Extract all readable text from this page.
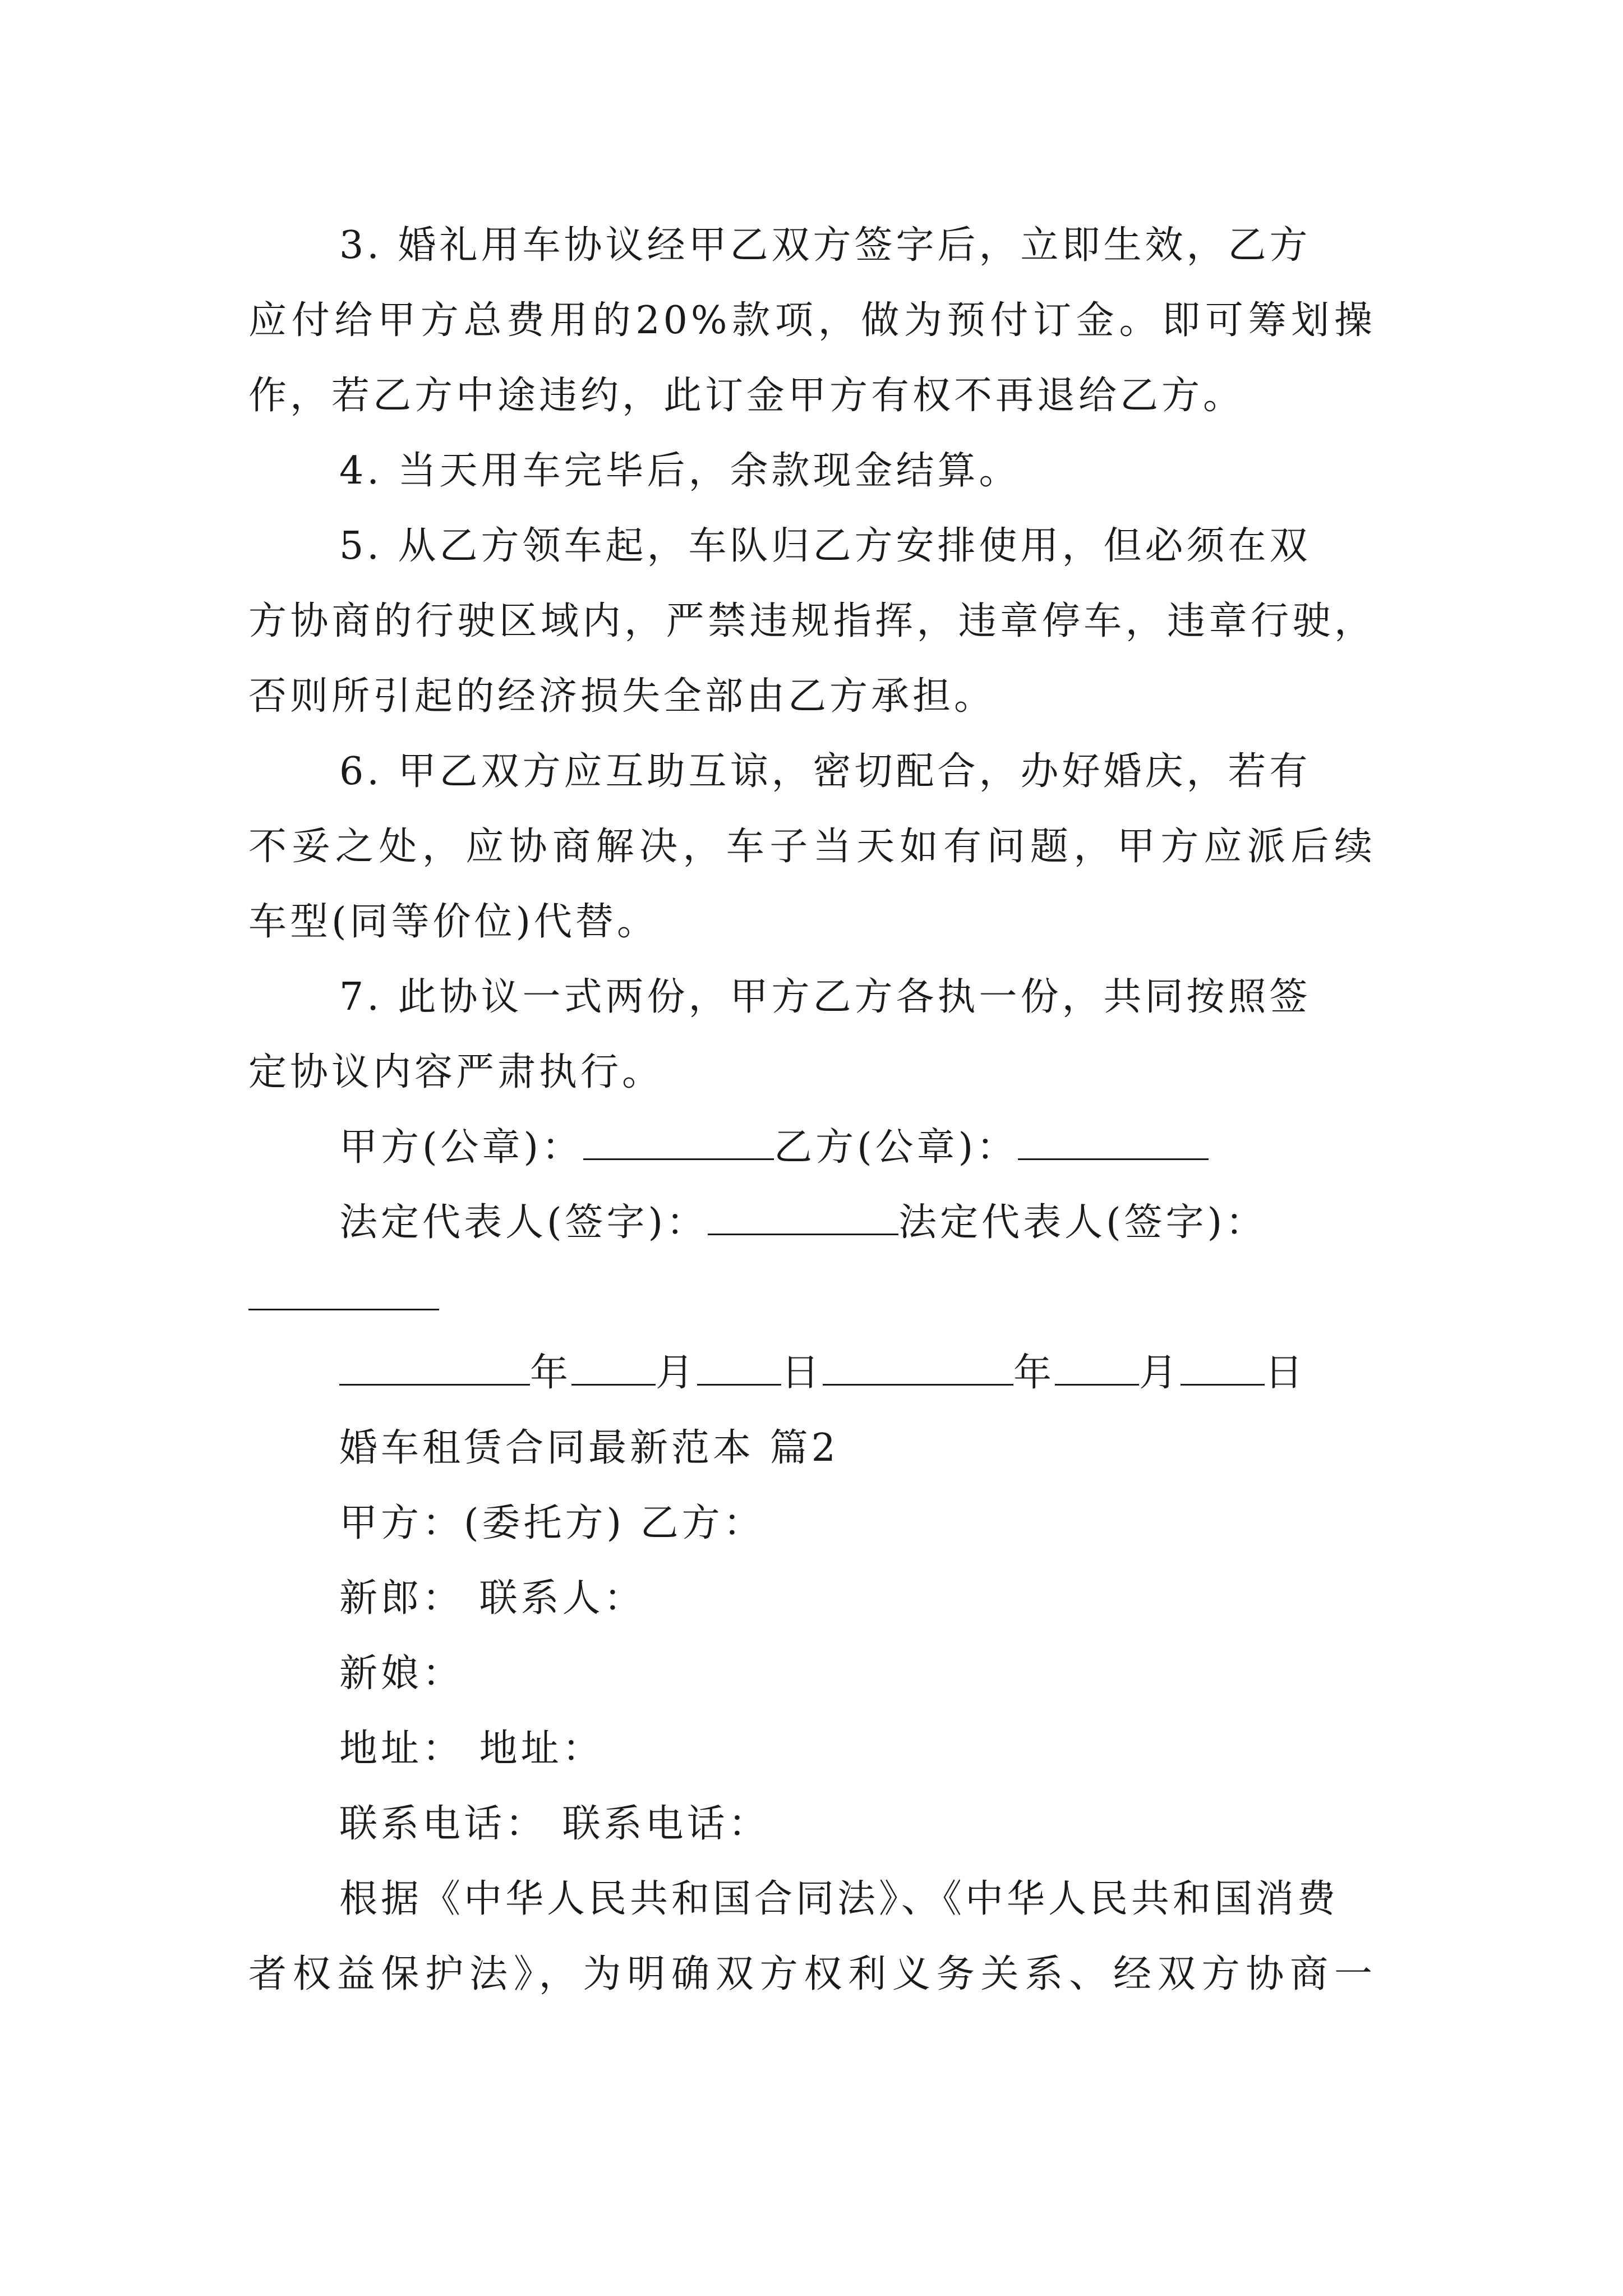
3. 婚礼用车协议经甲乙双方签字后，立即生效，乙方
应付给甲方总费用的20%款项，做为预付订金。即可筹划操
作，若乙方中途违约，此订金甲方有权不再退给乙方。
4. 当天用车完毕后，余款现金结算。
5. 从乙方领车起，车队归乙方安排使用，但必须在双
方协商的行驶区域内，严禁违规指挥，违章停车，违章行驶，
否则所引起的经济损失全部由乙方承担。
6. 甲乙双方应互助互谅，密切配合，办好婚庆，若有
不妥之处，应协商解决，车子当天如有问题，甲方应派后续
车型(同等价位)代替。
7. 此协议一式两份，甲方乙方各执一份，共同按照签
定协议内容严肃执行。
甲方(公章)：	乙方(公章)：
法定代表人(签字)：	法定代表人(签字)：
年 月 日	年 月 日
婚车租赁合同最新范本 篇2
甲方：(委托方) 乙方：
新郎： 联系人：
新娘：
地址： 地址：
联系电话： 联系电话：
根据《中华人民共和国合同法》、《中华人民共和国消费
者权益保护法》，为明确双方权利义务关系、经双方协商一
